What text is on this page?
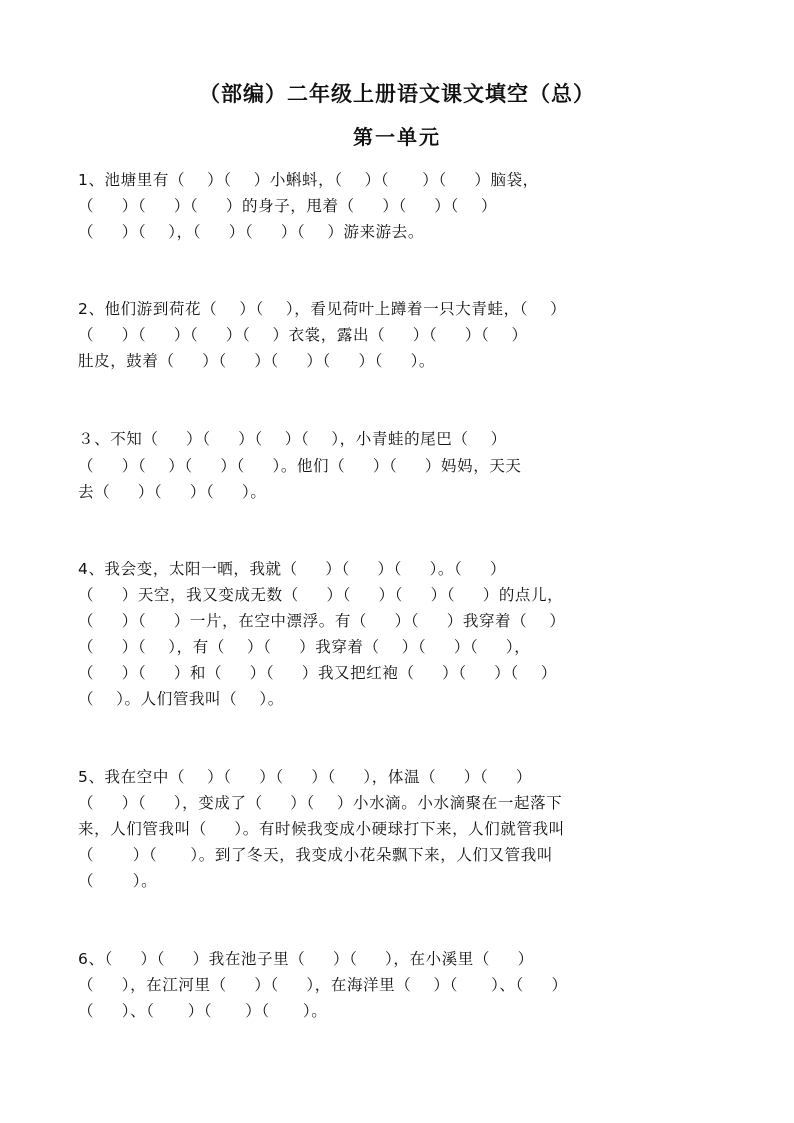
（部编）二年级上册语文课文填空（总）
第一单元
1、池塘里有（    ）（    ）小蝌蚪，（    ）（      ）（     ）脑袋，
（     ）（     ）（     ）的身子，甩着（     ）（     ）（    ）
（     ）（    ），（     ）（     ）（    ）游来游去。
2、他们游到荷花（    ）（    ），看见荷叶上蹲着一只大青蛙，（    ）
（     ）（     ）（     ）（    ）衣裳，露出（     ）（     ）（    ）
肚皮，鼓着（     ）（     ）（     ）（     ）（     ）。
３、不知（     ）（     ）（    ）（    ），小青蛙的尾巴（    ）
（     ）（    ）（     ）（     ）。他们（     ）（     ）妈妈，天天
去（     ）（     ）（     ）。
4、我会变，太阳一晒，我就（     ）（     ）（     ）。（     ）
（     ）天空，我又变成无数（     ）（     ）（     ）（     ）的点儿，
（     ）（     ）一片，在空中漂浮。有（     ）（     ）我穿着（    ）
（     ）（    ），有（    ）（     ）我穿着（    ）（     ）（     ），
（     ）（     ）和（     ）（     ）我又把红袍（     ）（     ）（    ）
（    ）。人们管我叫（    ）。
5、我在空中（    ）（     ）（     ）（     ），体温（     ）（     ）
（     ）（     ），变成了（     ）（    ）小水滴。小水滴聚在一起落下
来，人们管我叫（     ）。有时候我变成小硬球打下来，人们就管我叫
（       ）（      ）。到了冬天，我变成小花朵飘下来，人们又管我叫
（       ）。
6、（     ）（     ）我在池子里（     ）（     ），在小溪里（     ）
（     ），在江河里（     ）（     ），在海洋里（    ）（      ）、（     ）
（     ）、（      ）（      ）（      ）。
